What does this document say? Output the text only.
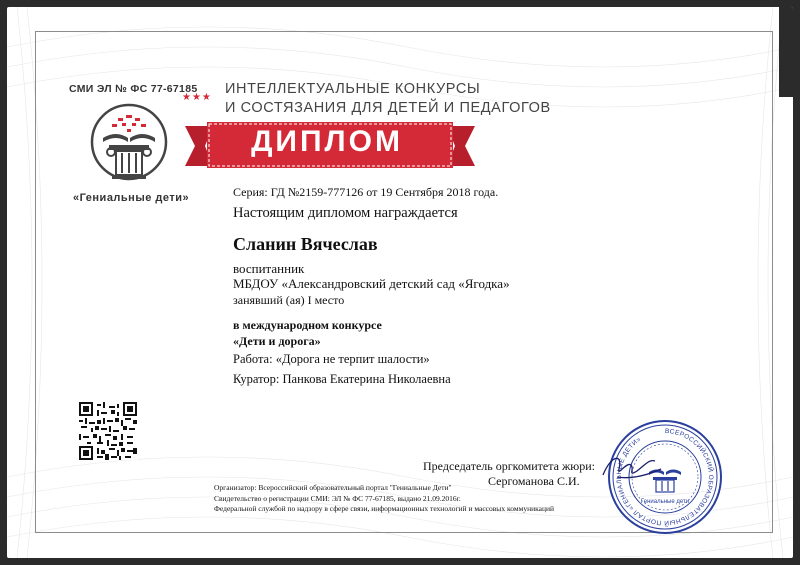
СМИ ЭЛ № ФС 77-67185
«Гениальные дети»
★★★
ИНТЕЛЛЕКТУАЛЬНЫЕ КОНКУРСЫ
И СОСТЯЗАНИЯ ДЛЯ ДЕТЕЙ И ПЕДАГОГОВ
ДИПЛОМ
Серия: ГД №2159-777126 от 19 Сентября 2018 года.
Настоящим дипломом награждается
Сланин Вячеслав
воспитанник
МБДОУ «Александровский детский сад «Ягодка»
занявший (ая) I место
в международном конкурсе
«Дети и дорога»
Работа: «Дорога не терпит шалости»
Куратор: Панкова Екатерина Николаевна
Председатель оргкомитета жюри:
Сергоманова С.И.
Организатор: Всероссийский образовательный портал "Гениальные Дети"
Свидетельство о регистрации СМИ: ЭЛ № ФС 77-67185, выдано 21.09.2016г.
Федеральной службой по надзору в сфере связи, информационных технологий и массовых коммуникаций
ВСЕРОССИЙСКИЙ ОБРАЗОВАТЕЛЬНЫЙ ПОРТАЛ «ГЕНИАЛЬНЫЕ ДЕТИ»
Гениальные дети
